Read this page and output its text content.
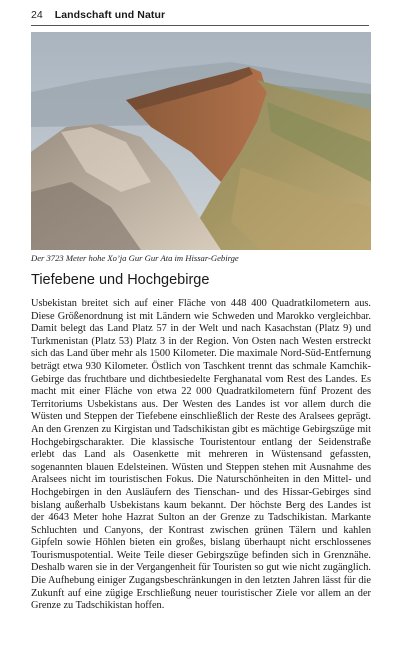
24 Landschaft und Natur
Der 3723 Meter hohe Xo’ja Gur Gur Ata im Hissar-Gebirge
Tiefebene und Hochgebirge

Usbekistan breitet sich auf einer Fläche von 448 400 Quadratkilometern aus. Diese Größenordnung ist mit Ländern wie Schweden und Marokko vergleichbar. Damit belegt das Land Platz 57 in der Welt und nach Kasachstan (Platz 9) und Turkmenistan (Platz 53) Platz 3 in der Region. Von Osten nach Westen erstreckt sich das Land über mehr als 1500 Kilometer. Die maximale Nord-Süd-Entfernung beträgt etwa 930 Kilometer. Östlich von Taschkent trennt das schmale Kamchik-Gebirge das fruchtbare und dichtbesiedelte Ferghanatal vom Rest des Landes. Es macht mit einer Fläche von etwa 22 000 Quadratkilometern fünf Prozent des Territoriums Usbekistans aus. Der Westen des Landes ist vor allem durch die Wüsten und Steppen der Tiefebene einschließlich der Reste des Aralsees geprägt. An den Grenzen zu Kirgistan und Tadschikistan gibt es mächtige Gebirgszüge mit Hochgebirgscharakter. Die klassische Touristentour entlang der Seidenstraße erlebt das Land als Oasenkette mit mehreren in Wüstensand gefassten, sogenannten blauen Edelsteinen. Wüsten und Steppen stehen mit Ausnahme des Aralsees nicht im touristischen Fokus. Die Naturschönheiten in den Mittel- und Hochgebirgen in den Ausläufern des Tienschan- und des Hissar-Gebirges sind bislang außerhalb Usbekistans kaum bekannt. Der höchste Berg des Landes ist der 4643 Meter hohe Hazrat Sulton an der Grenze zu Tadschikistan. Markante Schluchten und Canyons, der Kontrast zwischen grünen Tälern und kahlen Gipfeln sowie Höhlen bieten ein großes, bislang überhaupt nicht erschlossenes Tourismuspotential. Weite Teile dieser Gebirgszüge befinden sich in Grenznähe. Deshalb waren sie in der Vergangenheit für Touristen so gut wie nicht zugänglich. Die Aufhebung einiger Zugangsbeschränkungen in den letzten Jahren lässt für die Zukunft auf eine zügige Erschließung neuer touristischer Ziele vor allem an der Grenze zu Tadschikistan hoffen.
